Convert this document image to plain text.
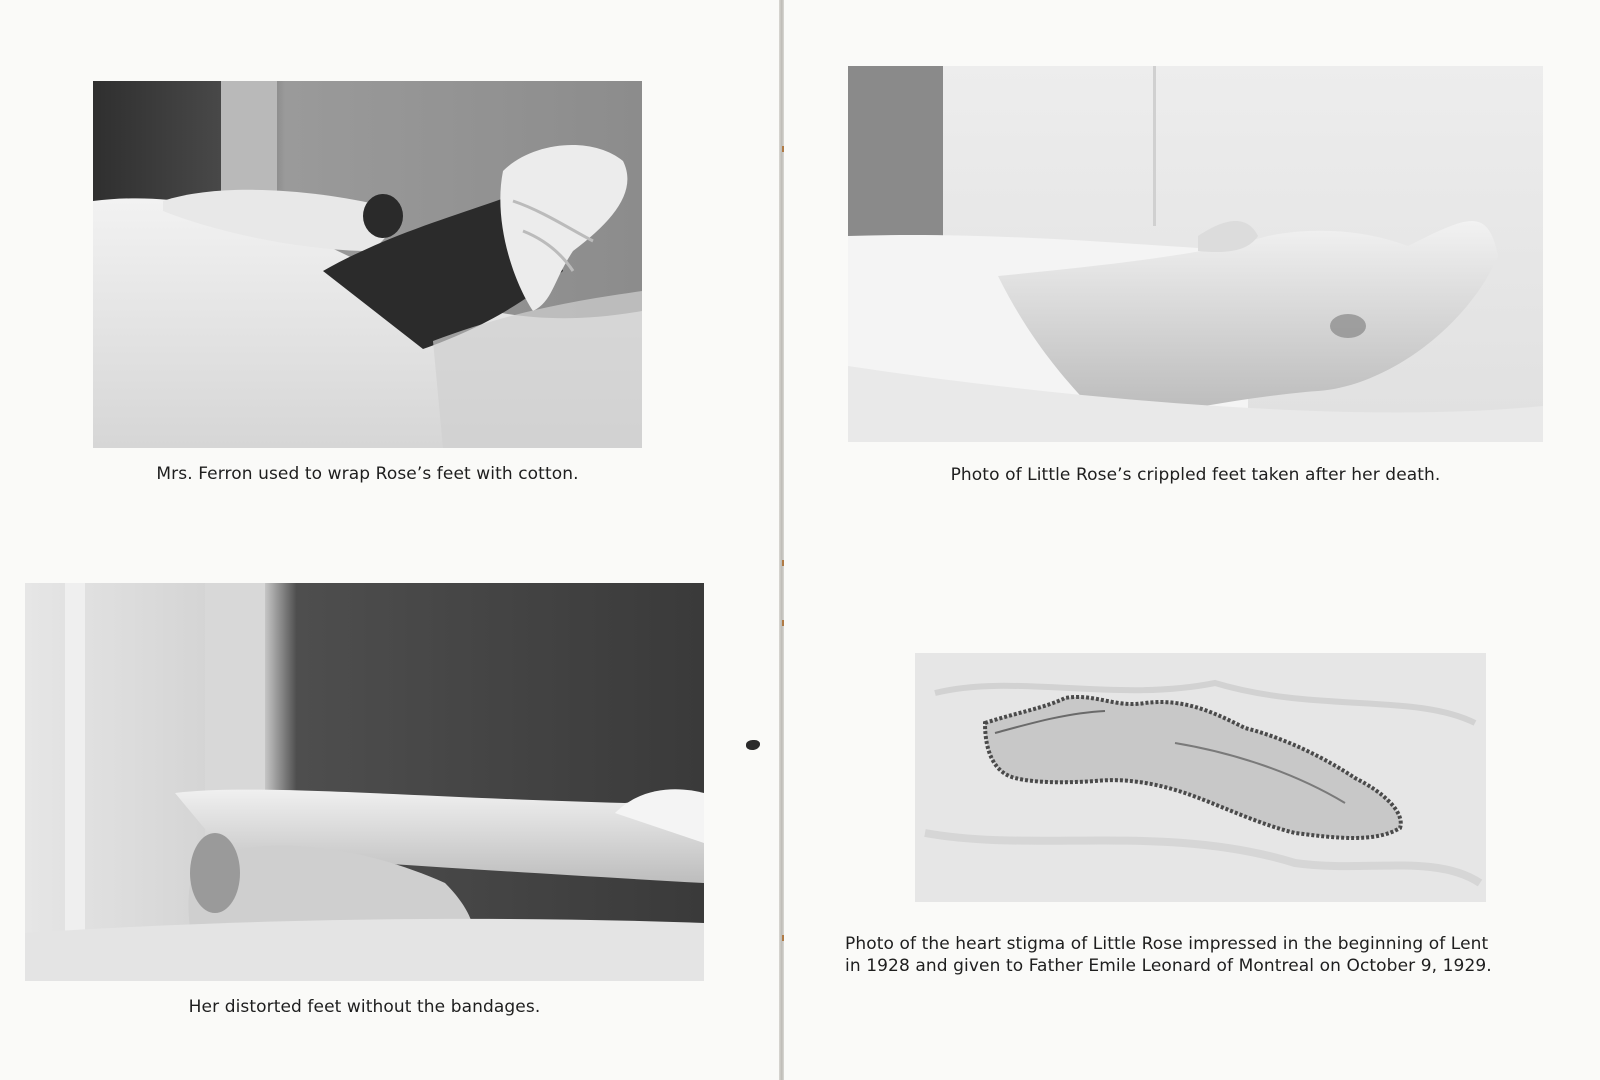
Mrs. Ferron used to wrap Rose’s feet with cotton.
Her distorted feet without the bandages.
Photo of Little Rose’s crippled feet taken after her death.
Photo of the heart stigma of Little Rose impressed in the beginning of Lent
in 1928 and given to Father Emile Leonard of Montreal on October 9, 1929.
